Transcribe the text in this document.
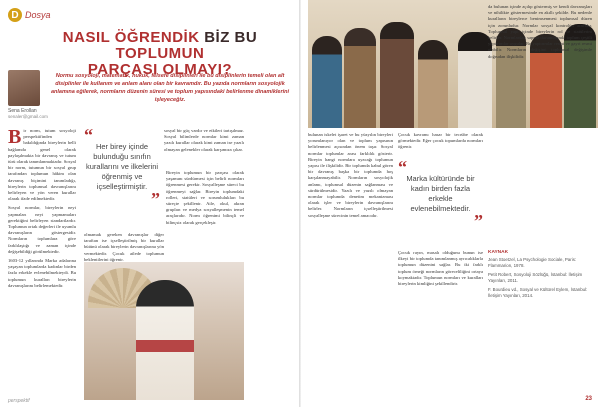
D Dosya
NASIL ÖĞRENDİK BİZ BU TOPLUMUN
PARÇASI OLMAYI?
Sena Erollan
senaler@gmail.com
Normu sosyoloji, matematik, hukuk, felsefe disiplinleri ile bu disiplinlerin temeli olan alt disiplinler ile kullanım ve anlam alanı olan bir kavramdır. Bu yazıda normların sosyolojik anlamına eğilerek, normların düzenin süresi ve toplum yapısındaki belirlenme dinamiklerini işleyeceğiz.
B ir norm, tutum sosyoloji perspektifinden bakıldığında bireylerin belli bağlamda genel olarak paylaşılmakta bir davranış ve tutum türü olarak tanımlanmaktadır. Sosyal bir norm, tutumun bir sosyal grup tarafından toplumun hâkim olan davranış biçimini tanımladığı, bireylerin toplumsal davranışlarını belirleyen ve yön veren kurallar olarak ifade edilmektedir.

Sosyal normlar, bireylerin neyi yapmaları neyi yapmamaları gerektiğini belirleyen standartlardır. Toplumun ortak değerleri ile uyumlu davranışların göstergesidir. Normların toplumlara göre farklılaştığı ve zaman içinde değişebildiği görülmektedir.

1603-12 yıllarında Marka adalarına yaşayan toplumlarda kadınlar birden fazla erkekle evlenebilmekteydi. Bu toplumun kuralları bireylerin davranışlarını belirlemektedir.

“
Her birey içinde bulunduğu sınıfın kurallarını ve ilkelerini öğrenmiş ve içselleştirmiştir.
”
sosyal bir güç vardır ve etkileri tartışılmaz. Sosyal bilimlerde normlar kimi zaman yazılı kurallar olarak kimi zaman ise yazılı olmayan gelenekler olarak karşımıza çıkar.
olmamak gereken davranışlar diğer taraftan ise içselleştirilmiş bir kurallar bütünü olarak bireylerin davranışlarına yön vermektedir. Çocuk ailede toplumun beklentilerini öğrenir.
Bireyin toplumun bir parçası olarak yaşamını sürdürmesi için belirli normları öğrenmesi gerekir. Sosyalleşme süreci bu öğrenmeyi sağlar. Bireyin toplumdaki rolleri, statüleri ve sorumlulukları bu süreçte şekillenir. Aile, okul, akran grupları ve medya sosyalleşmenin temel araçlarıdır. Norm öğrenimi bilinçli ve bilinçsiz olarak gerçekleşir.
perspektif
bulunan iskelet işaret ve bu yüzyılın bireyleri yorumlanıyor olan ve toplum yapısının belirlenmesi açısından önem taşır. Sosyal normlar toplumlar arası farklılık gösterir. Bireyin hangi normlara uyacağı toplumun yapısı ile ilişkilidir. Bir toplumda kabul gören bir davranış başka bir toplumda hoş karşılanmayabilir. Normların sosyolojik anlamı, toplumsal düzenin sağlanması ve sürdürülmesidir. Yazılı ve yazılı olmayan normlar toplumda denetim mekanizması olarak işler ve bireylerin davranışlarını belirler. Normların içselleştirilmesi sosyalleşme sürecinin temel amacıdır.
Çocuk kavramı hasar bir tecrübe olarak görmektedir. Eğer çocuk topumlarda normları öğrenir.
“
Marka kültüründe bir kadın birden fazla erkekle evlenebilmektedir.
”
Çocuk rayın, masalı olduğunu bunun ise ilkeyi bir toplumda tanımlanmış ayrıcalıklarla toplumun düzenini sağlar. Bu iki farklı toplum örneği normların göreceliliğini ortaya koymaktadır. Toplumun normları ve kuralları bireylerin kimliğini şekillendirir.
da bulunan içinde açılıp göstermiş ve kendi davranışları ve nihilikte göstermesinde en akıllı şekilde. Bu nedenle kuralların bireylerce benimsenmesi toplumsal düzen için zorunludur. Normlar sosyal kontrolün aracıdır. Toplumsal yapı içinde bireylerin rol ve statülerini belirler. Normlardan sapma durumlarında toplum çeşitli yaptırımlar uygular. Bu yaptırımlar resmi ve gayri resmi olabilir. Normların değişimi toplumsal değişimle doğrudan ilişkilidir.
KAYNAK

Jean Stoetzel, La Psychologie Sociale, Paris: Flammarion, 1978.

Petit Robert, Sosyoloji Sözlüğü, İstanbul: İletişim Yayınları, 2011.

F. Bourdieu vd., Sosyal ve Kültürel Eylem, İstanbul: İletişim Yayınları, 2014.

23
